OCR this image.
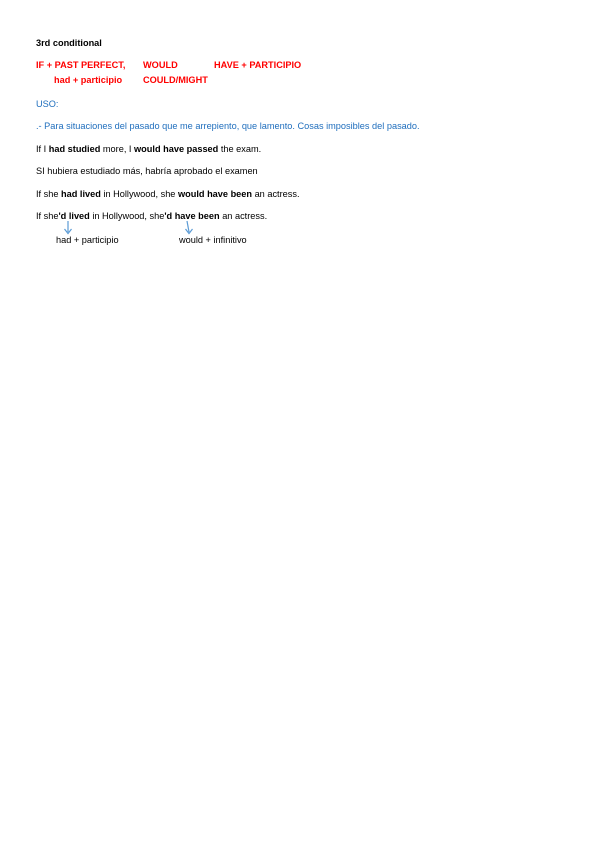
3rd conditional
IF + PAST PERFECT, WOULD	HAVE + PARTICIPIO
had + participio COULD/MIGHT
USO:
.- Para situaciones del pasado que me arrepiento, que lamento. Cosas imposibles del pasado.
If I had studied more, I would have passed the exam.
SI hubiera estudiado más, habría aprobado el examen
If she had lived in Hollywood, she would have been an actress.
If she'd lived in Hollywood, she'd have been an actress.
had + participio	would + infinitivo
